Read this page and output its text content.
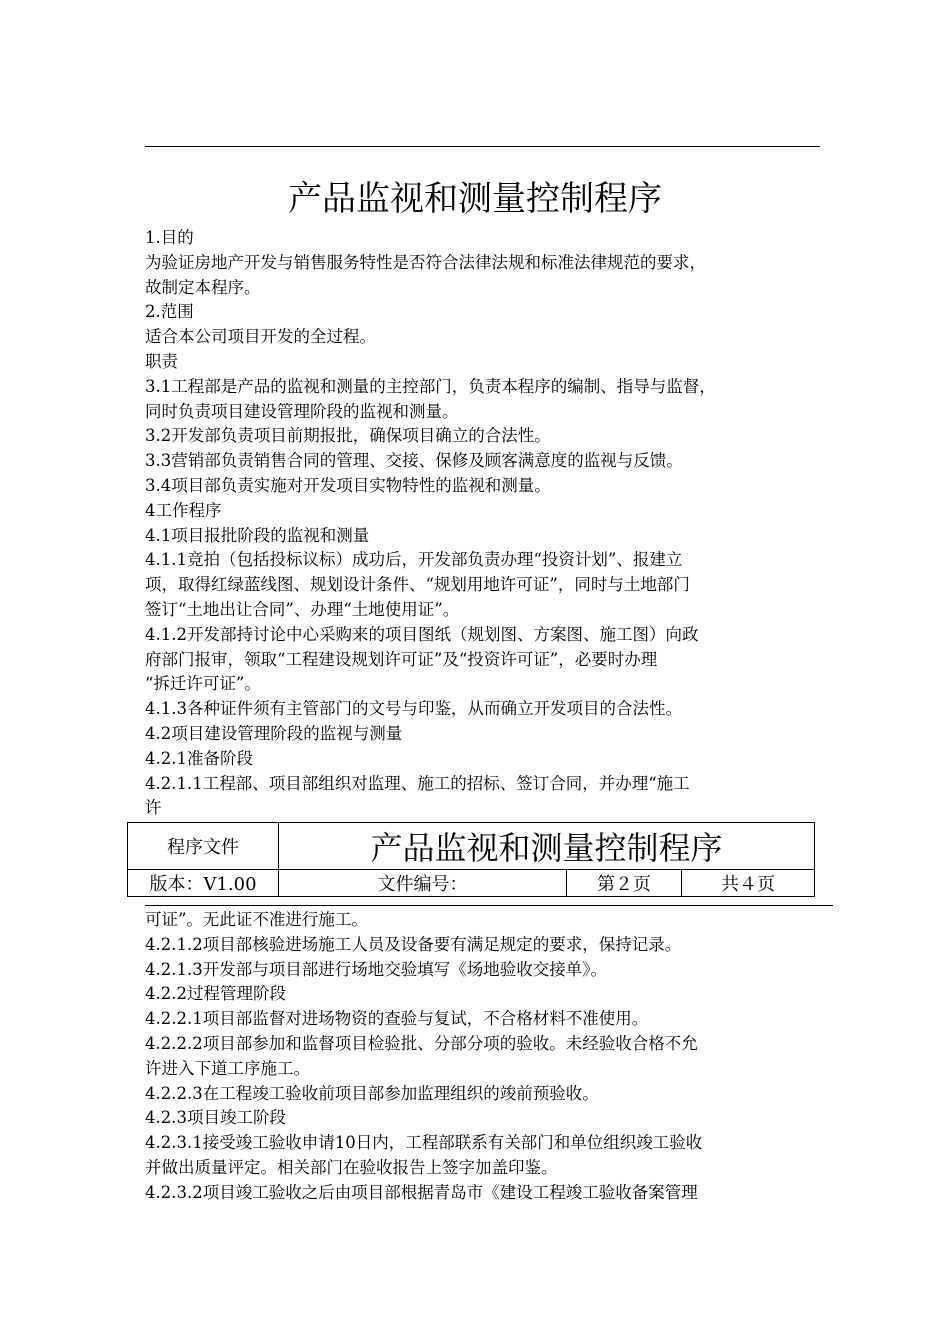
产品监视和测量控制程序
1.目的
为验证房地产开发与销售服务特性是否符合法律法规和标准法律规范的要求，
故制定本程序。
2.范围
适合本公司项目开发的全过程。
职责
3.1工程部是产品的监视和测量的主控部门，负责本程序的编制、指导与监督，
同时负责项目建设管理阶段的监视和测量。
3.2开发部负责项目前期报批，确保项目确立的合法性。
3.3营销部负责销售合同的管理、交接、保修及顾客满意度的监视与反馈。
3.4项目部负责实施对开发项目实物特性的监视和测量。
4工作程序
4.1项目报批阶段的监视和测量
4.1.1竞拍（包括投标议标）成功后，开发部负责办理“投资计划”、报建立
项，取得红绿蓝线图、规划设计条件、“规划用地许可证”，同时与土地部门
签订“土地出让合同”、办理“土地使用证”。
4.1.2开发部持讨论中心采购来的项目图纸（规划图、方案图、施工图）向政
府部门报审，领取“工程建设规划许可证”及“投资许可证”，必要时办理
“拆迁许可证”。
4.1.3各种证件须有主管部门的文号与印鉴，从而确立开发项目的合法性。
4.2项目建设管理阶段的监视与测量
4.2.1准备阶段
4.2.1.1工程部、项目部组织对监理、施工的招标、签订合同，并办理“施工
许
程序文件	产品监视和测量控制程序		
版本：V1.00	文件编号：	第２页	共４页
可证”。无此证不准进行施工。
4.2.1.2项目部核验进场施工人员及设备要有满足规定的要求，保持记录。
4.2.1.3开发部与项目部进行场地交验填写《场地验收交接单》。
4.2.2过程管理阶段
4.2.2.1项目部监督对进场物资的查验与复试，不合格材料不准使用。
4.2.2.2项目部参加和监督项目检验批、分部分项的验收。未经验收合格不允
许进入下道工序施工。
4.2.2.3在工程竣工验收前项目部参加监理组织的竣前预验收。
4.2.3项目竣工阶段
4.2.3.1接受竣工验收申请10日内，工程部联系有关部门和单位组织竣工验收
并做出质量评定。相关部门在验收报告上签字加盖印鉴。
4.2.3.2项目竣工验收之后由项目部根据青岛市《建设工程竣工验收备案管理
